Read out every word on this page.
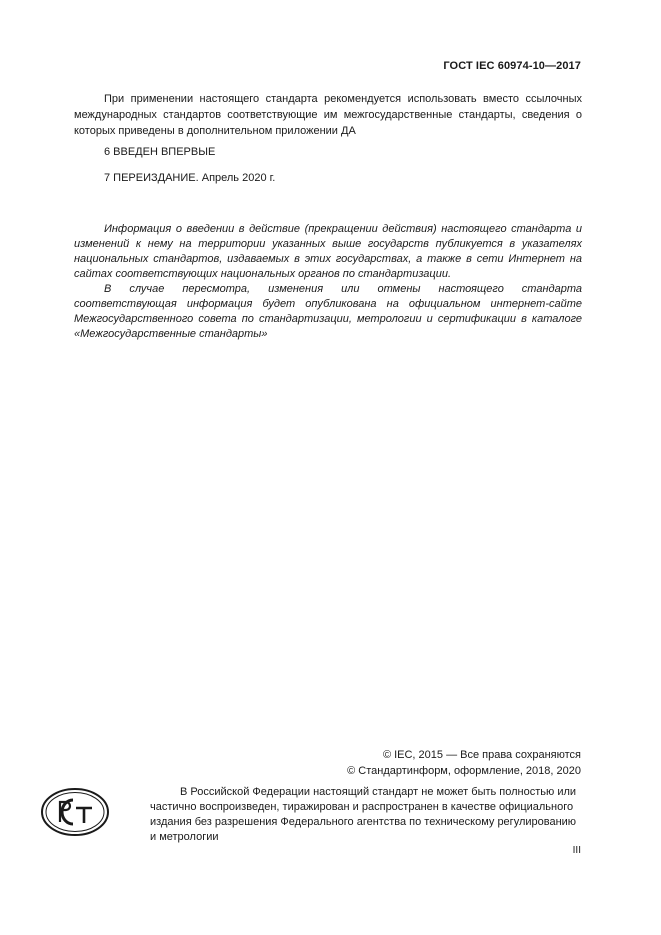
ГОСТ IEC 60974-10—2017
При применении настоящего стандарта рекомендуется использовать вместо ссылочных международных стандартов соответствующие им межгосударственные стандарты, сведения о которых приведены в дополнительном приложении ДА
6 ВВЕДЕН ВПЕРВЫЕ
7 ПЕРЕИЗДАНИЕ. Апрель 2020 г.

Информация о введении в действие (прекращении действия) настоящего стандарта и изменений к нему на территории указанных выше государств публикуется в указателях национальных стандартов, издаваемых в этих государствах, а также в сети Интернет на сайтах соответствующих национальных органов по стандартизации.

В случае пересмотра, изменения или отмены настоящего стандарта соответствующая информация будет опубликована на официальном интернет-сайте Межгосударственного совета по стандартизации, метрологии и сертификации в каталоге «Межгосударственные стандарты»

© IEC, 2015 — Все права сохраняются
© Стандартинформ, оформление, 2018, 2020
В Российской Федерации настоящий стандарт не может быть полностью или частично воспроизведен, тиражирован и распространен в качестве официального издания без разрешения Федерального агентства по техническому регулированию и метрологии
III
